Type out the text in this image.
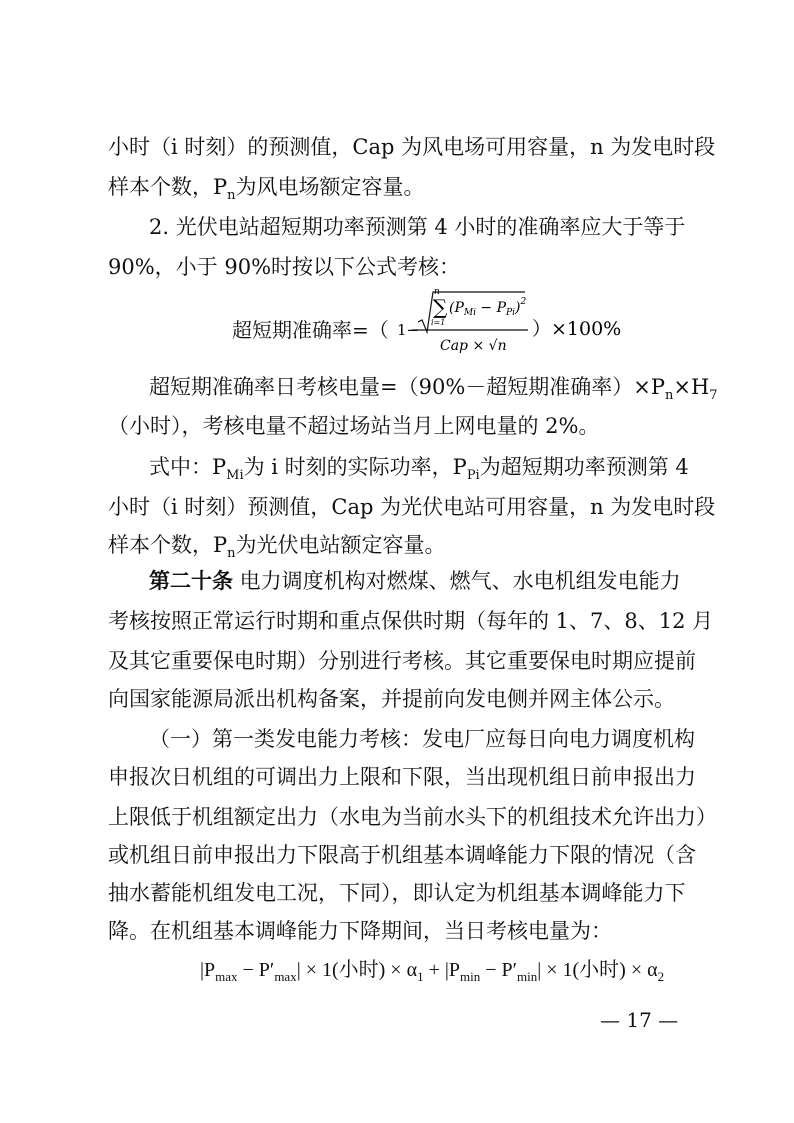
小时（i 时刻）的预测值，Cap 为风电场可用容量，n 为发电时段
样本个数，$P_n$为风电场额定容量。
2. 光伏电站超短期功率预测第 4 小时的准确率应大于等于
90%，小于 90%时按以下公式考核：
超短期准确率=（ 1−
n
∑
i=1
$(P_{Mi} - P_{Pi})^2$
Cap × √n
）×100%
超短期准确率日考核电量=（90%－超短期准确率）$\times P_n\times H_7$
（小时），考核电量不超过场站当月上网电量的 2%。
式中：$P_{Mi}$为 i 时刻的实际功率，$P_{Pi}$为超短期功率预测第 4
小时（i 时刻）预测值，Cap 为光伏电站可用容量，n 为发电时段
样本个数，$P_n$为光伏电站额定容量。
第二十条 电力调度机构对燃煤、燃气、水电机组发电能力
考核按照正常运行时期和重点保供时期（每年的 1、7、8、12 月
及其它重要保电时期）分别进行考核。其它重要保电时期应提前
向国家能源局派出机构备案，并提前向发电侧并网主体公示。
（一）第一类发电能力考核：发电厂应每日向电力调度机构
申报次日机组的可调出力上限和下限，当出现机组日前申报出力
上限低于机组额定出力（水电为当前水头下的机组技术允许出力）
或机组日前申报出力下限高于机组基本调峰能力下限的情况（含
抽水蓄能机组发电工况，下同），即认定为机组基本调峰能力下
降。在机组基本调峰能力下降期间，当日考核电量为：
$|P_{max} - P'_{max}| \times 1$(小时) × $\alpha_1 + |P_{min} - P'_{min}| \times 1$(小时) × $\alpha_2$
— 17 —
